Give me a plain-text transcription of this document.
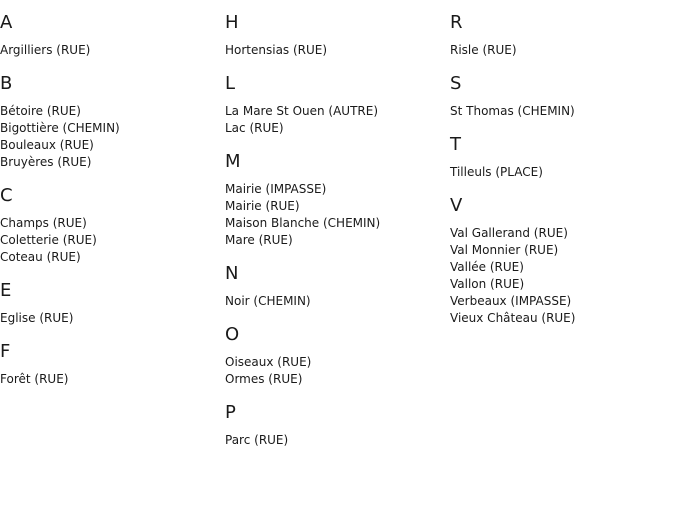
A
Argilliers (RUE)
B
Bétoire (RUE)
Bigottière (CHEMIN)
Bouleaux (RUE)
Bruyères (RUE)
C
Champs (RUE)
Coletterie (RUE)
Coteau (RUE)
E
Eglise (RUE)
F
Forêt (RUE)
H
Hortensias (RUE)
L
La Mare St Ouen (AUTRE)
Lac (RUE)
M
Mairie (IMPASSE)
Mairie (RUE)
Maison Blanche (CHEMIN)
Mare (RUE)
N
Noir (CHEMIN)
O
Oiseaux (RUE)
Ormes (RUE)
P
Parc (RUE)
R
Risle (RUE)
S
St Thomas (CHEMIN)
T
Tilleuls (PLACE)
V
Val Gallerand (RUE)
Val Monnier (RUE)
Vallée (RUE)
Vallon (RUE)
Verbeaux (IMPASSE)
Vieux Château (RUE)
